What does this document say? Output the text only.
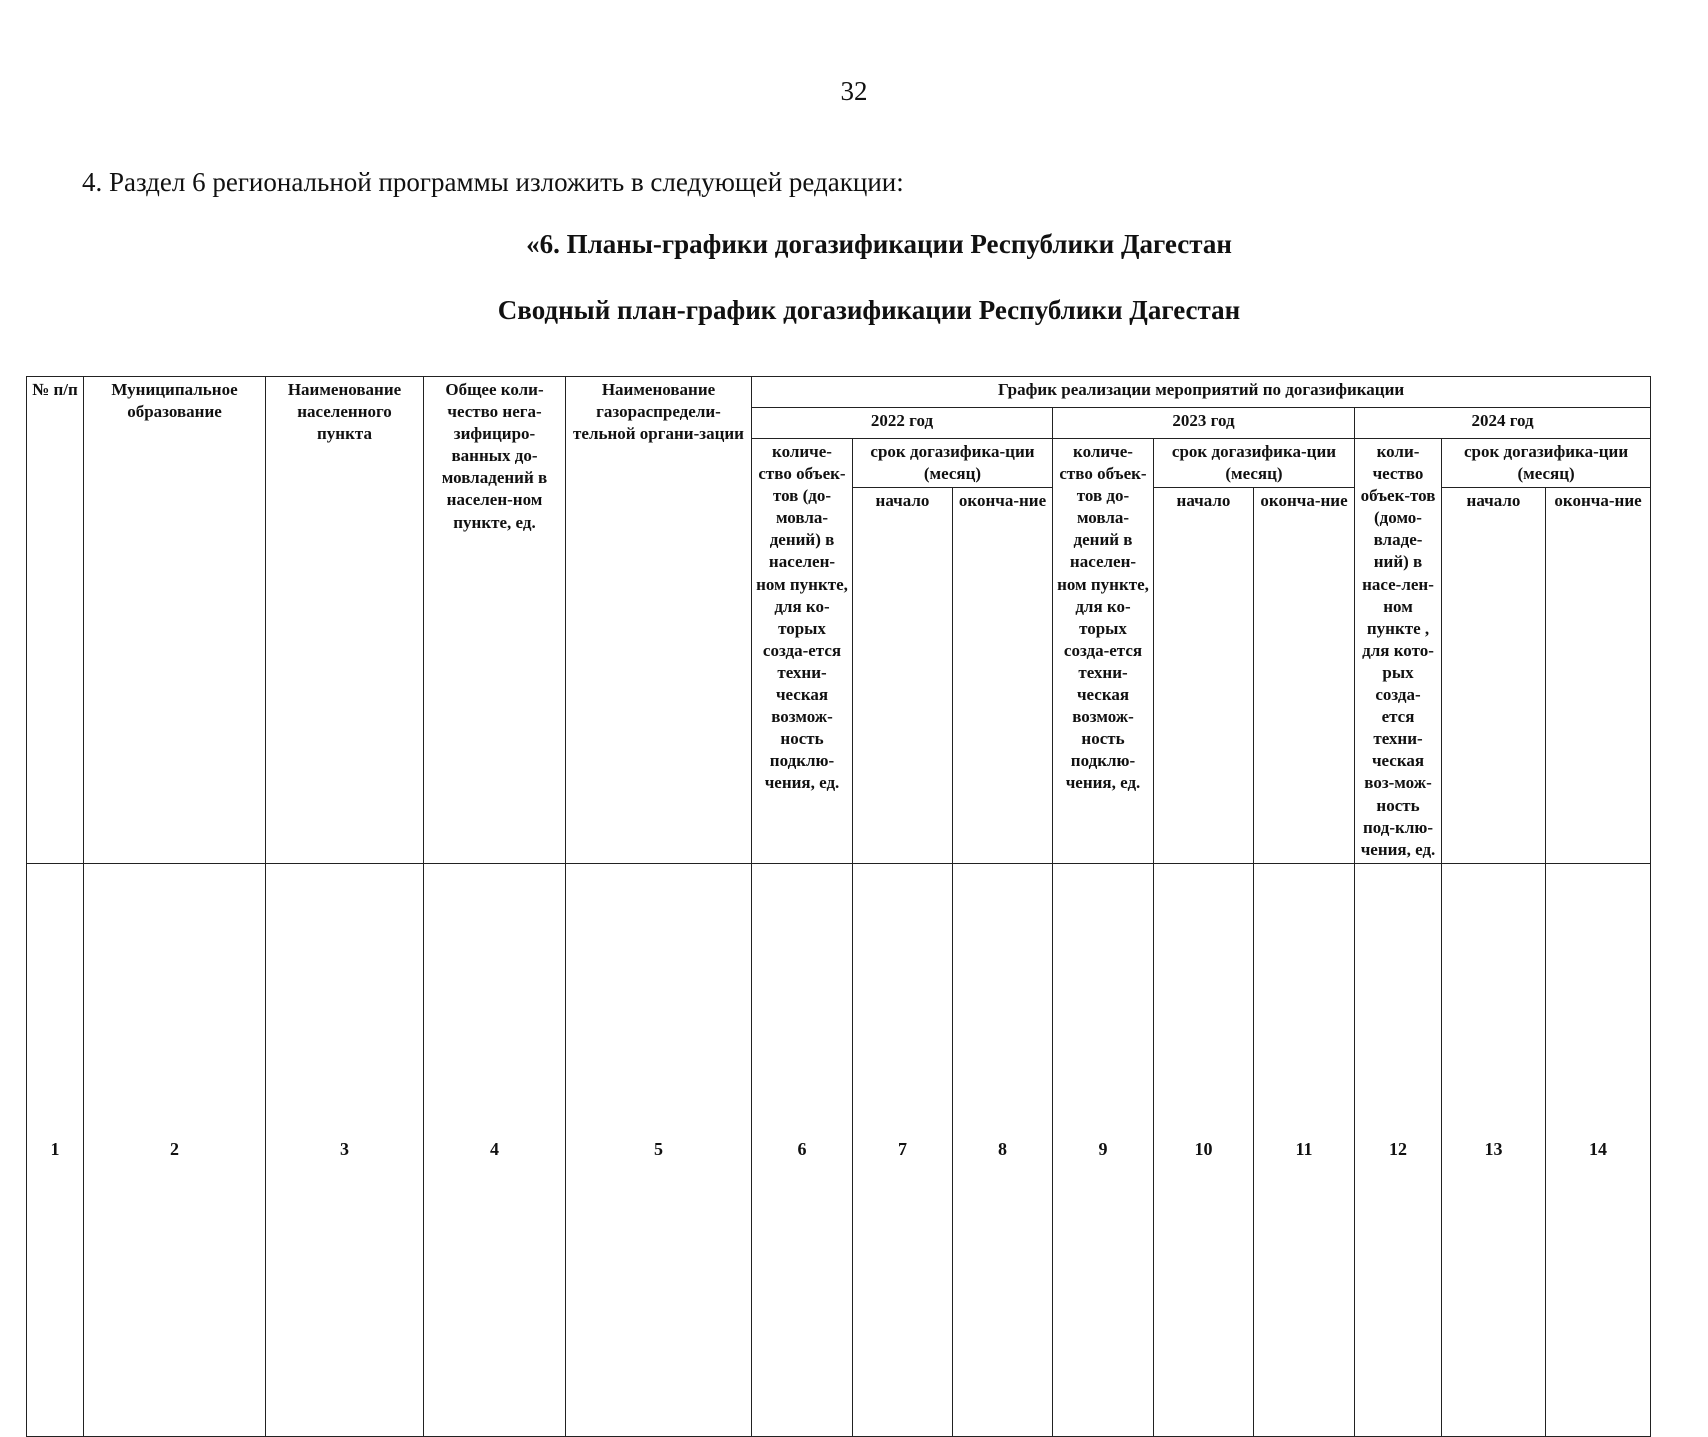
32
4. Раздел 6 региональной программы изложить в следующей редакции:
«6. Планы-графики догазификации Республики Дагестан
Сводный план-график догазификации Республики Дагестан
№ п/п	Муниципальное образование	Наименование населенного пункта	Общее коли-чество нега-зифициро-ванных до-мовладений в населен-ном пункте, ед.	Наименование газораспредели-тельной органи-зации	График реализации мероприятий по догазификации								
					2022 год			2023 год			2024 год		
					количе-ство объек-тов (до-мовла-дений) в населен-ном пункте, для ко-торых созда-ется техни-ческая возмож-ность подклю-чения, ед.	срок догазифика-ции (месяц)		количе-ство объек-тов до-мовла-дений в населен-ном пункте, для ко-торых созда-ется техни-ческая возмож-ность подклю-чения, ед.	срок догазифика-ции (месяц)		коли-чество объек-тов (домо-владе-ний) в насе-лен-ном пункте , для кото-рых созда-ется техни-ческая воз-мож-ность под-клю-чения, ед.	срок догазифика-ции (месяц)	
						начало	оконча-ние		начало	оконча-ние		начало	оконча-ние
1	2	3	4	5	6	7	8	9	10	11	12	13	14
